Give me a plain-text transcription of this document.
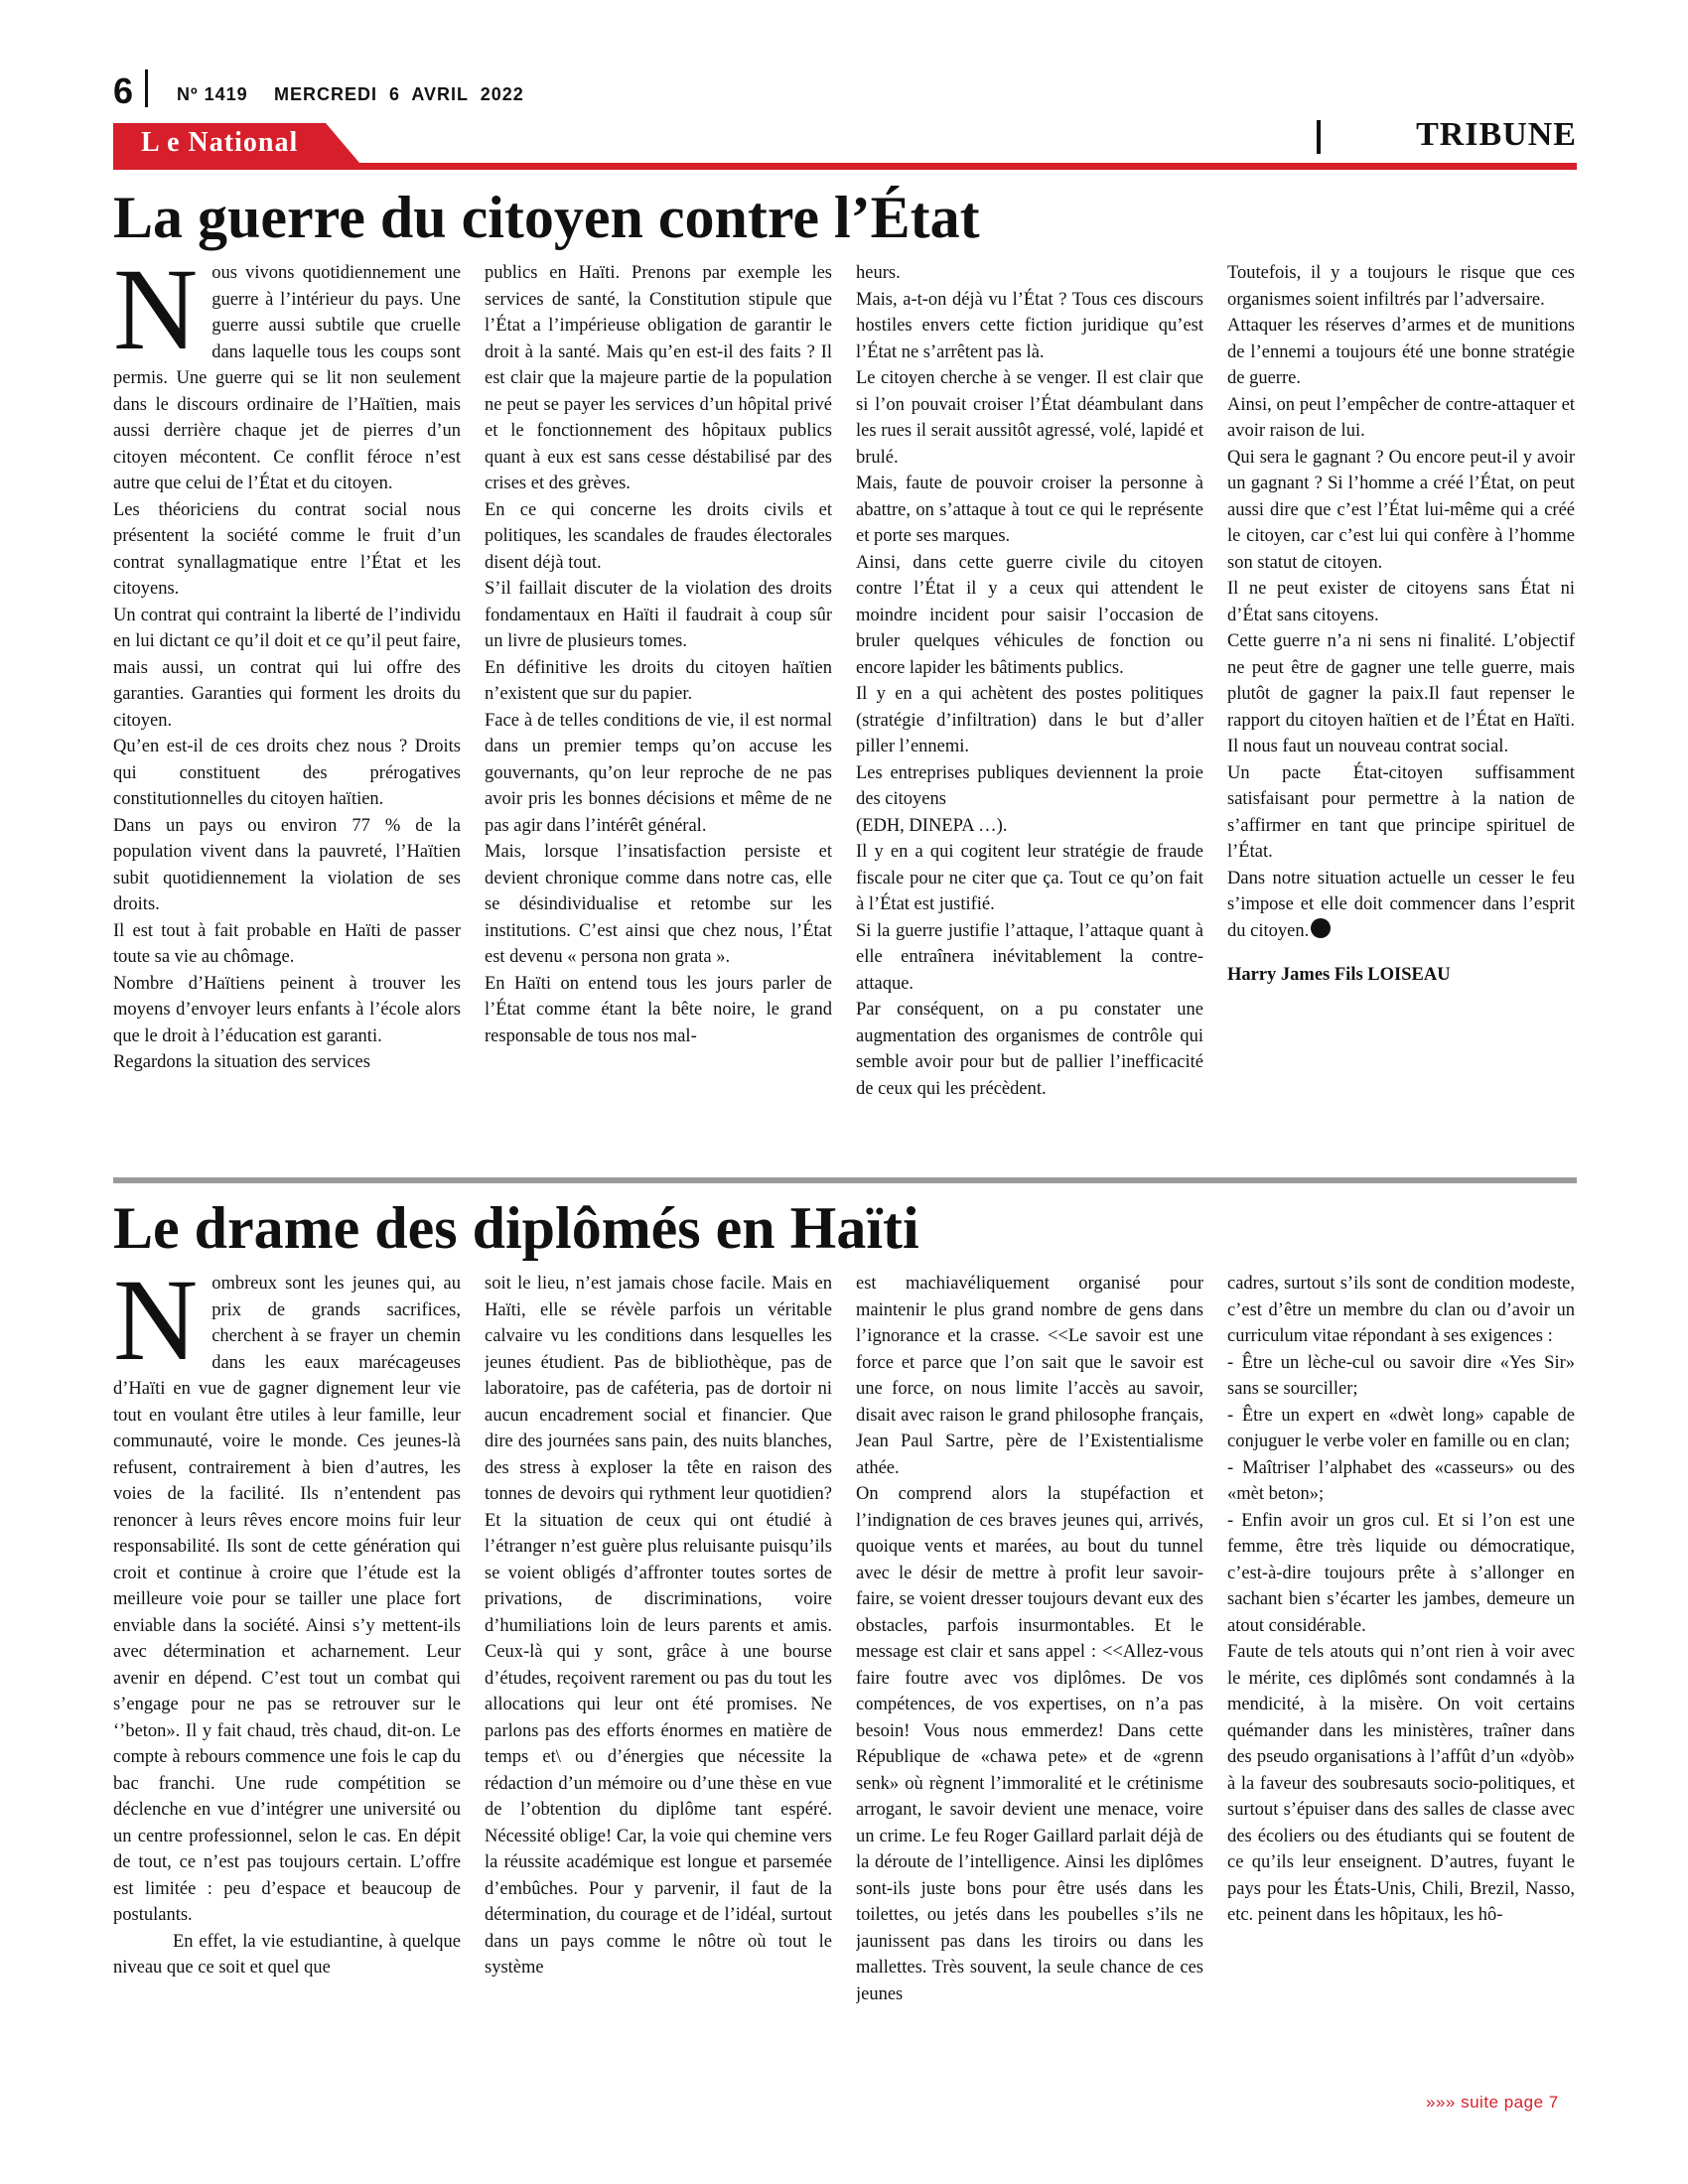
6 Nº 1419 MERCREDI 6 AVRIL 2022
L e National	TRIBUNE
La guerre du citoyen contre l’État
N ous vivons quotidiennement une guerre à l’intérieur du pays. Une guerre aussi subtile que cruelle dans laquelle tous les coups sont permis. Une guerre qui se lit non seulement dans le discours ordinaire de l’Haïtien, mais aussi derrière chaque jet de pierres d’un citoyen mécontent. Ce conflit féroce n’est autre que celui de l’État et du citoyen.

Les théoriciens du contrat social nous présentent la société comme le fruit d’un contrat synallagmatique entre l’État et les citoyens.

Un contrat qui contraint la liberté de l’individu en lui dictant ce qu’il doit et ce qu’il peut faire, mais aussi, un contrat qui lui offre des garanties. Garanties qui forment les droits du citoyen.

Qu’en est-il de ces droits chez nous ? Droits qui constituent des prérogatives constitutionnelles du citoyen haïtien.

Dans un pays ou environ 77 % de la population vivent dans la pauvreté, l’Haïtien subit quotidiennement la violation de ses droits.

Il est tout à fait probable en Haïti de passer toute sa vie au chômage.

Nombre d’Haïtiens peinent à trouver les moyens d’envoyer leurs enfants à l’école alors que le droit à l’éducation est garanti.

Regardons la situation des services

publics en Haïti. Prenons par exemple les services de santé, la Constitution stipule que l’État a l’impérieuse obligation de garantir le droit à la santé. Mais qu’en est-il des faits ? Il est clair que la majeure partie de la population ne peut se payer les services d’un hôpital privé et le fonctionnement des hôpitaux publics quant à eux est sans cesse déstabilisé par des crises et des grèves.

En ce qui concerne les droits civils et politiques, les scandales de fraudes électorales disent déjà tout.

S’il faillait discuter de la violation des droits fondamentaux en Haïti il faudrait à coup sûr un livre de plusieurs tomes.

En définitive les droits du citoyen haïtien n’existent que sur du papier.

Face à de telles conditions de vie, il est normal dans un premier temps qu’on accuse les gouvernants, qu’on leur reproche de ne pas avoir pris les bonnes décisions et même de ne pas agir dans l’intérêt général.

Mais, lorsque l’insatisfaction persiste et devient chronique comme dans notre cas, elle se désindividualise et retombe sur les institutions. C’est ainsi que chez nous, l’État est devenu « persona non grata ».

En Haïti on entend tous les jours parler de l’État comme étant la bête noire, le grand responsable de tous nos mal-

heurs.

Mais, a-t-on déjà vu l’État ? Tous ces discours hostiles envers cette fiction juridique qu’est l’État ne s’arrêtent pas là.

Le citoyen cherche à se venger. Il est clair que si l’on pouvait croiser l’État déambulant dans les rues il serait aussitôt agressé, volé, lapidé et brulé.

Mais, faute de pouvoir croiser la personne à abattre, on s’attaque à tout ce qui le représente et porte ses marques.

Ainsi, dans cette guerre civile du citoyen contre l’État il y a ceux qui attendent le moindre incident pour saisir l’occasion de bruler quelques véhicules de fonction ou encore lapider les bâtiments publics.

Il y en a qui achètent des postes politiques (stratégie d’infiltration) dans le but d’aller piller l’ennemi.

Les entreprises publiques deviennent la proie des citoyens

(EDH, DINEPA …).

Il y en a qui cogitent leur stratégie de fraude fiscale pour ne citer que ça. Tout ce qu’on fait à l’État est justifié.

Si la guerre justifie l’attaque, l’attaque quant à elle entraînera inévitablement la contre-attaque.

Par conséquent, on a pu constater une augmentation des organismes de contrôle qui semble avoir pour but de pallier l’inefficacité de ceux qui les précèdent.

Toutefois, il y a toujours le risque que ces organismes soient infiltrés par l’adversaire.

Attaquer les réserves d’armes et de munitions de l’ennemi a toujours été une bonne stratégie de guerre.

Ainsi, on peut l’empêcher de contre-attaquer et avoir raison de lui.

Qui sera le gagnant ? Ou encore peut-il y avoir un gagnant ? Si l’homme a créé l’État, on peut aussi dire que c’est l’État lui-même qui a créé le citoyen, car c’est lui qui confère à l’homme son statut de citoyen.

Il ne peut exister de citoyens sans État ni d’État sans citoyens.

Cette guerre n’a ni sens ni finalité. L’objectif ne peut être de gagner une telle guerre, mais plutôt de gagner la paix.Il faut repenser le rapport du citoyen haïtien et de l’État en Haïti. Il nous faut un nouveau contrat social.

Un pacte État-citoyen suffisamment satisfaisant pour permettre à la nation de s’affirmer en tant que principe spirituel de l’État.

Dans notre situation actuelle un cesser le feu s’impose et elle doit commencer dans l’esprit du citoyen.

Harry James Fils LOISEAU

Le drame des diplômés en Haïti
N ombreux sont les jeunes qui, au prix de grands sacrifices, cherchent à se frayer un chemin dans les eaux marécageuses d’Haïti en vue de gagner dignement leur vie tout en voulant être utiles à leur famille, leur communauté, voire le monde. Ces jeunes-là refusent, contrairement à bien d’autres, les voies de la facilité. Ils n’entendent pas renoncer à leurs rêves encore moins fuir leur responsabilité. Ils sont de cette génération qui croit et continue à croire que l’étude est la meilleure voie pour se tailler une place fort enviable dans la société. Ainsi s’y mettent-ils avec détermination et acharnement. Leur avenir en dépend. C’est tout un combat qui s’engage pour ne pas se retrouver sur le ‘’beton». Il y fait chaud, très chaud, dit-on. Le compte à rebours commence une fois le cap du bac franchi. Une rude compétition se déclenche en vue d’intégrer une université ou un centre professionnel, selon le cas. En dépit de tout, ce n’est pas toujours certain. L’offre est limitée : peu d’espace et beaucoup de postulants.

En effet, la vie estudiantine, à quelque niveau que ce soit et quel que

soit le lieu, n’est jamais chose facile. Mais en Haïti, elle se révèle parfois un véritable calvaire vu les conditions dans lesquelles les jeunes étudient. Pas de bibliothèque, pas de laboratoire, pas de caféteria, pas de dortoir ni aucun encadrement social et financier. Que dire des journées sans pain, des nuits blanches, des stress à exploser la tête en raison des tonnes de devoirs qui rythment leur quotidien? Et la situation de ceux qui ont étudié à l’étranger n’est guère plus reluisante puisqu’ils se voient obligés d’affronter toutes sortes de privations, de discriminations, voire d’humiliations loin de leurs parents et amis. Ceux-là qui y sont, grâce à une bourse d’études, reçoivent rarement ou pas du tout les allocations qui leur ont été promises. Ne parlons pas des efforts énormes en matière de temps et\ ou d’énergies que nécessite la rédaction d’un mémoire ou d’une thèse en vue de l’obtention du diplôme tant espéré. Nécessité oblige! Car, la voie qui chemine vers la réussite académique est longue et parsemée d’embûches. Pour y parvenir, il faut de la détermination, du courage et de l’idéal, surtout dans un pays comme le nôtre où tout le système

est machiavéliquement organisé pour maintenir le plus grand nombre de gens dans l’ignorance et la crasse. <<Le savoir est une force et parce que l’on sait que le savoir est une force, on nous limite l’accès au savoir, disait avec raison le grand philosophe français, Jean Paul Sartre, père de l’Existentialisme athée.

On comprend alors la stupéfaction et l’indignation de ces braves jeunes qui, arrivés, quoique vents et marées, au bout du tunnel avec le désir de mettre à profit leur savoir-faire, se voient dresser toujours devant eux des obstacles, parfois insurmontables. Et le message est clair et sans appel : <<Allez-vous faire foutre avec vos diplômes. De vos compétences, de vos expertises, on n’a pas besoin! Vous nous emmerdez! Dans cette République de «chawa pete» et de «grenn senk» où règnent l’immoralité et le crétinisme arrogant, le savoir devient une menace, voire un crime. Le feu Roger Gaillard parlait déjà de la déroute de l’intelligence. Ainsi les diplômes sont-ils juste bons pour être usés dans les toilettes, ou jetés dans les poubelles s’ils ne jaunissent pas dans les tiroirs ou dans les mallettes. Très souvent, la seule chance de ces jeunes

cadres, surtout s’ils sont de condition modeste, c’est d’être un membre du clan ou d’avoir un curriculum vitae répondant à ses exigences :

- Être un lèche-cul ou savoir dire «Yes Sir» sans se sourciller;

- Être un expert en «dwèt long» capable de conjuguer le verbe voler en famille ou en clan;

- Maîtriser l’alphabet des «casseurs» ou des «mèt beton»;

- Enfin avoir un gros cul. Et si l’on est une femme, être très liquide ou démocratique, c’est-à-dire toujours prête à s’allonger en sachant bien s’écarter les jambes, demeure un atout considérable.

Faute de tels atouts qui n’ont rien à voir avec le mérite, ces diplômés sont condamnés à la mendicité, à la misère. On voit certains quémander dans les ministères, traîner dans des pseudo organisations à l’affût d’un «dyòb» à la faveur des soubresauts socio-politiques, et surtout s’épuiser dans des salles de classe avec des écoliers ou des étudiants qui se foutent de ce qu’ils leur enseignent. D’autres, fuyant le pays pour les États-Unis, Chili, Brezil, Nasso, etc. peinent dans les hôpitaux, les hô-

»»» suite page 7
